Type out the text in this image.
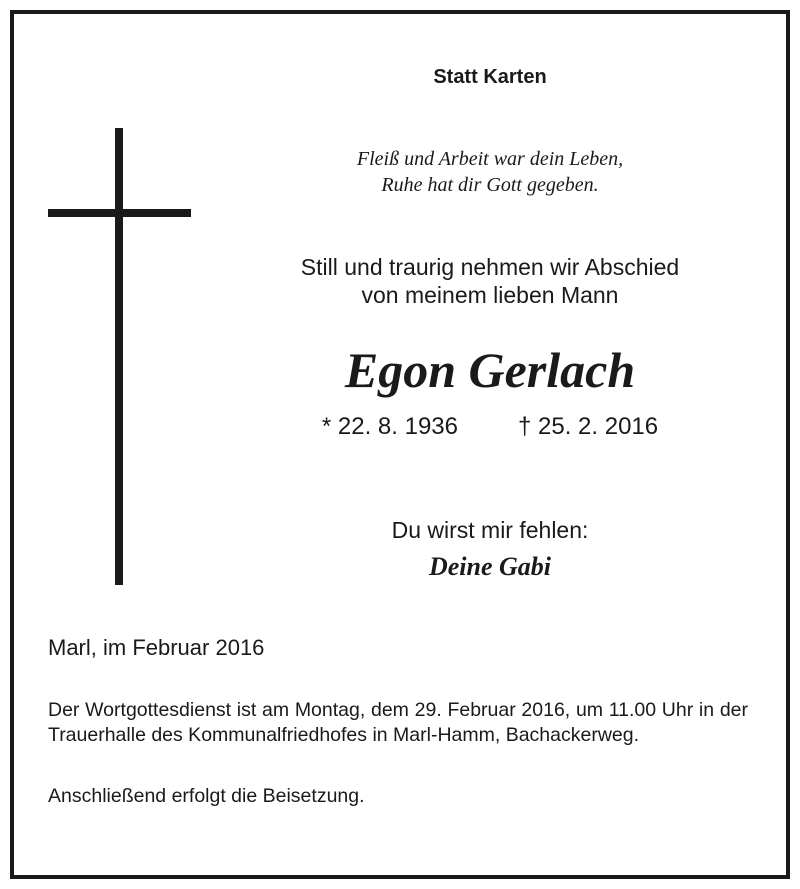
Statt Karten
Fleiß und Arbeit war dein Leben,
Ruhe hat dir Gott gegeben.
Still und traurig nehmen wir Abschied
von meinem lieben Mann
Egon Gerlach
* 22. 8. 1936	† 25. 2. 2016
Du wirst mir fehlen:
Deine Gabi
Marl, im Februar 2016
Der Wortgottesdienst ist am Montag, dem 29. Februar 2016, um 11.00 Uhr in der Trauerhalle des Kommunalfriedhofes in Marl-Hamm, Bachackerweg.
Anschließend erfolgt die Beisetzung.
